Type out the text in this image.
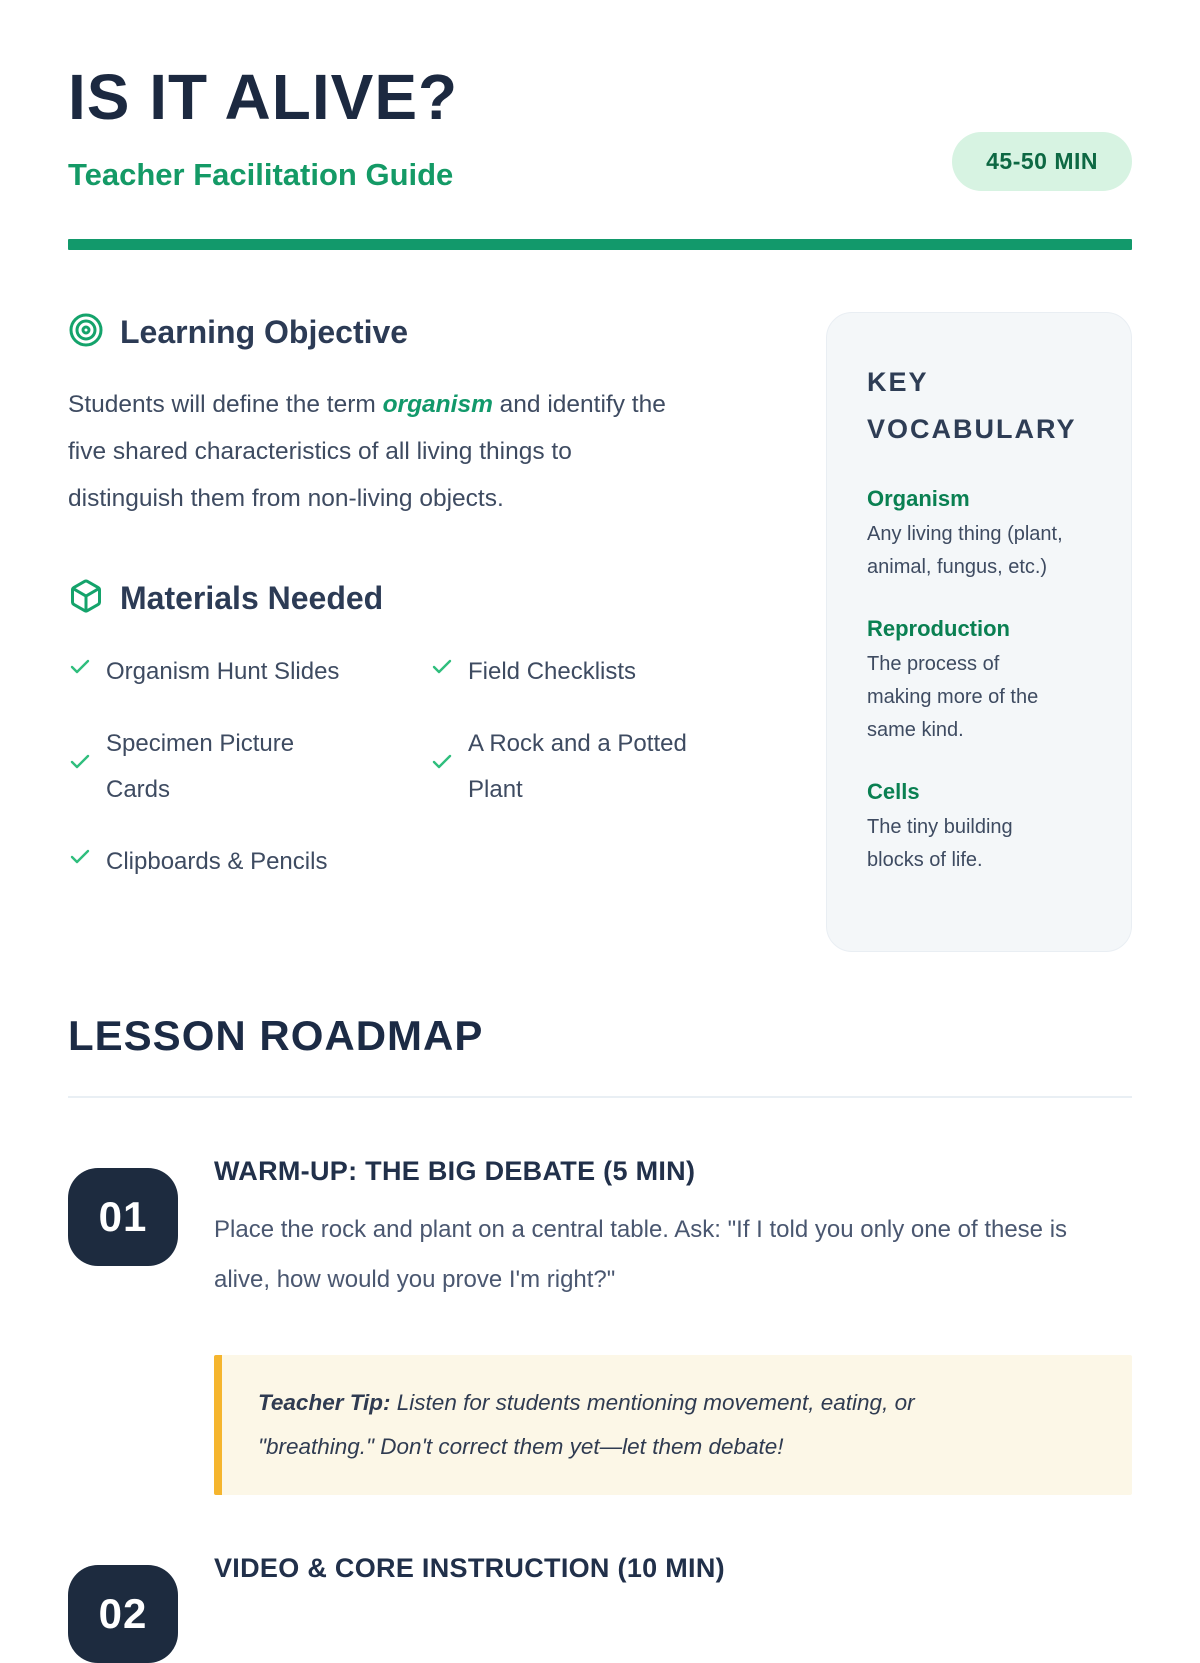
IS IT ALIVE?
Teacher Facilitation Guide	45-50 MIN
Learning Objective

Students will define the term organism and identify the five shared characteristics of all living things to distinguish them from non-living objects.

Materials Needed
Organism Hunt Slides	Field Checklists
Specimen Picture Cards
A Rock and a Potted Plant
Clipboards & Pencils
KEY VOCABULARY
Organism
Any living thing (plant, animal, fungus, etc.)
Reproduction
The process of making more of the same kind.
Cells
The tiny building blocks of life.
LESSON ROADMAP
01
WARM-UP: THE BIG DEBATE (5 MIN)

Place the rock and plant on a central table. Ask: "If I told you only one of these is alive, how would you prove I'm right?"

Teacher Tip: Listen for students mentioning movement, eating, or "breathing." Don't correct them yet—let them debate!

02
VIDEO & CORE INSTRUCTION (10 MIN)
